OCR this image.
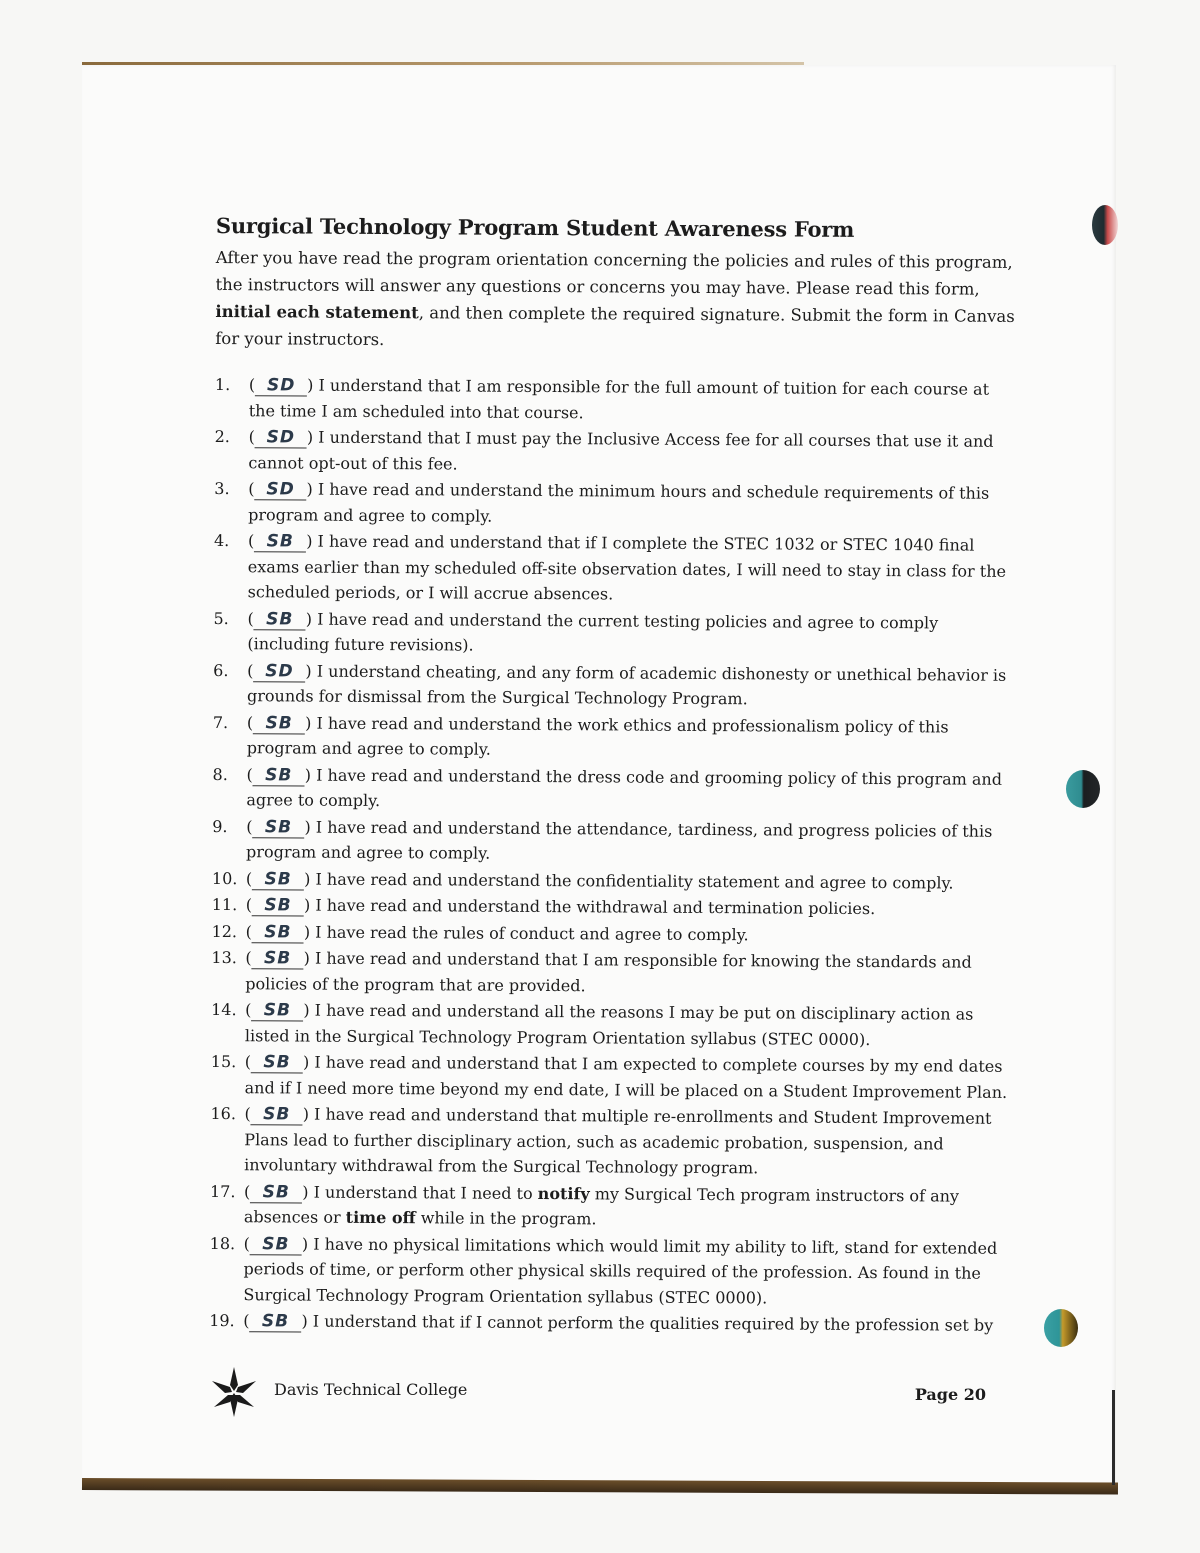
Surgical Technology Program Student Awareness Form

After you have read the program orientation concerning the policies and rules of this program, the instructors will answer any questions or concerns you may have. Please read this form, initial each statement, and then complete the required signature. Submit the form in Canvas for your instructors.

1. ( SD ) I understand that I am responsible for the full amount of tuition for each course at the time I am scheduled into that course.
2. ( SD ) I understand that I must pay the Inclusive Access fee for all courses that use it and cannot opt-out of this fee.
3. ( SD ) I have read and understand the minimum hours and schedule requirements of this program and agree to comply.
4. ( SB ) I have read and understand that if I complete the STEC 1032 or STEC 1040 final exams earlier than my scheduled off-site observation dates, I will need to stay in class for the scheduled periods, or I will accrue absences.
5. ( SB ) I have read and understand the current testing policies and agree to comply (including future revisions).
6. ( SD ) I understand cheating, and any form of academic dishonesty or unethical behavior is grounds for dismissal from the Surgical Technology Program.
7. ( SB ) I have read and understand the work ethics and professionalism policy of this program and agree to comply.
8. ( SB ) I have read and understand the dress code and grooming policy of this program and agree to comply.
9. ( SB ) I have read and understand the attendance, tardiness, and progress policies of this program and agree to comply.
10. ( SB ) I have read and understand the confidentiality statement and agree to comply.
11. ( SB ) I have read and understand the withdrawal and termination policies.
12. ( SB ) I have read the rules of conduct and agree to comply.
13. ( SB ) I have read and understand that I am responsible for knowing the standards and policies of the program that are provided.
14. ( SB ) I have read and understand all the reasons I may be put on disciplinary action as listed in the Surgical Technology Program Orientation syllabus (STEC 0000).
15. ( SB ) I have read and understand that I am expected to complete courses by my end dates and if I need more time beyond my end date, I will be placed on a Student Improvement Plan.
16. ( SB ) I have read and understand that multiple re-enrollments and Student Improvement Plans lead to further disciplinary action, such as academic probation, suspension, and involuntary withdrawal from the Surgical Technology program.
17. ( SB ) I understand that I need to notify my Surgical Tech program instructors of any absences or time off while in the program.
18. ( SB ) I have no physical limitations which would limit my ability to lift, stand for extended periods of time, or perform other physical skills required of the profession. As found in the Surgical Technology Program Orientation syllabus (STEC 0000).
19. ( SB ) I understand that if I cannot perform the qualities required by the profession set by
Davis Technical College	Page 20
